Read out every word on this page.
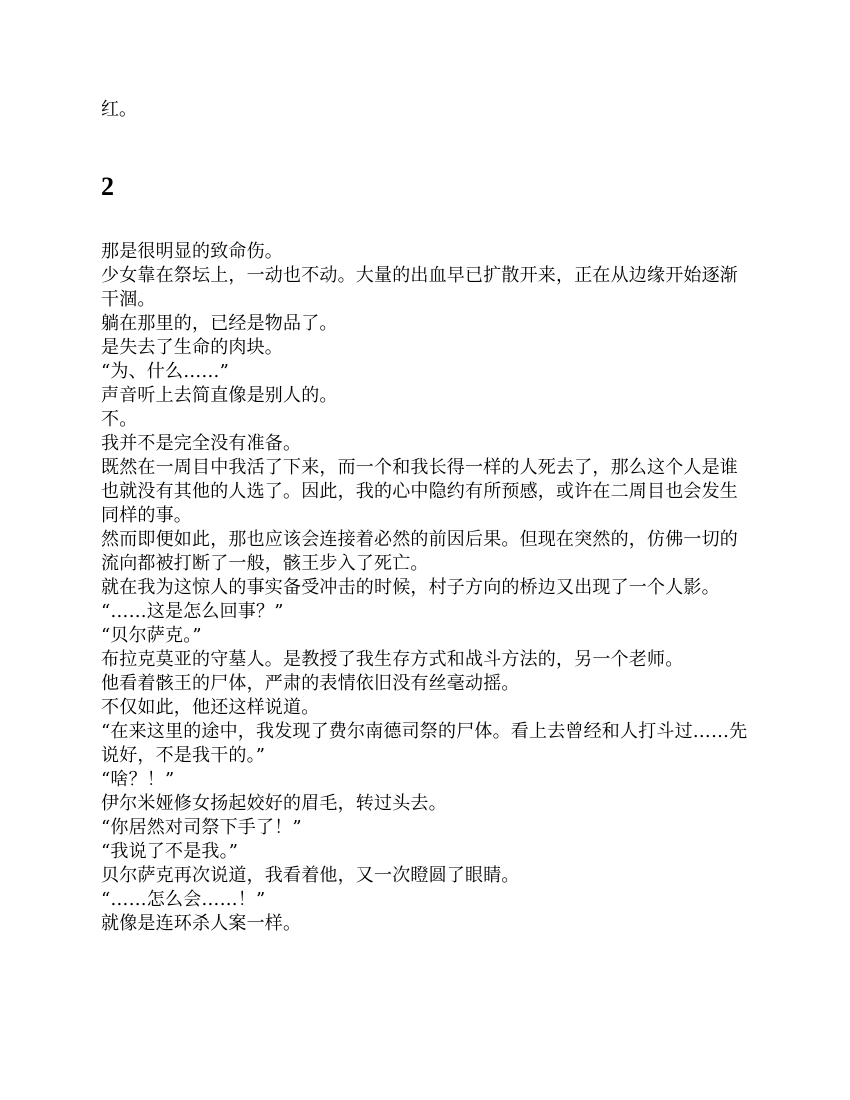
红。

2

那是很明显的致命伤。

少女靠在祭坛上，一动也不动。大量的出血早已扩散开来，正在从边缘开始逐渐干涸。

躺在那里的，已经是物品了。

是失去了生命的肉块。

“为、什么……”

声音听上去简直像是别人的。

不。

我并不是完全没有准备。

既然在一周目中我活了下来，而一个和我长得一样的人死去了，那么这个人是谁也就没有其他的人选了。因此，我的心中隐约有所预感，或许在二周目也会发生同样的事。

然而即便如此，那也应该会连接着必然的前因后果。但现在突然的，仿佛一切的流向都被打断了一般，骸王步入了死亡。

就在我为这惊人的事实备受冲击的时候，村子方向的桥边又出现了一个人影。

“……这是怎么回事？”

“贝尔萨克。”

布拉克莫亚的守墓人。是教授了我生存方式和战斗方法的，另一个老师。

他看着骸王的尸体，严肃的表情依旧没有丝毫动摇。

不仅如此，他还这样说道。

“在来这里的途中，我发现了费尔南德司祭的尸体。看上去曾经和人打斗过……先说好，不是我干的。”

“啥？！”

伊尔米娅修女扬起姣好的眉毛，转过头去。

“你居然对司祭下手了！”

“我说了不是我。”

贝尔萨克再次说道，我看着他，又一次瞪圆了眼睛。

“……怎么会……！”

就像是连环杀人案一样。
